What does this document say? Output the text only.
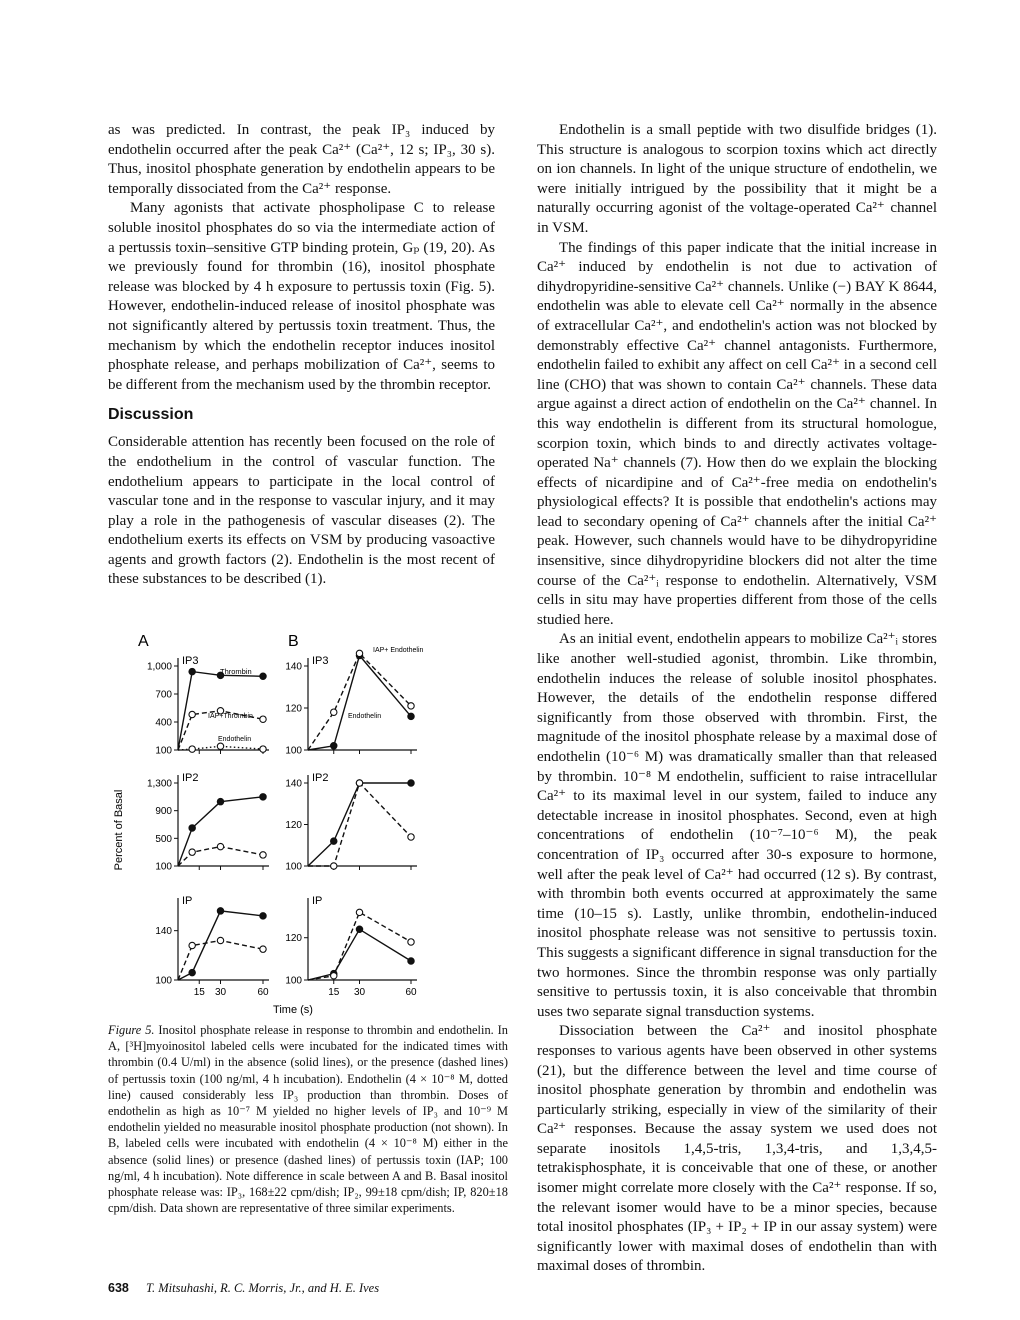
as was predicted. In contrast, the peak IP₃ induced by endothelin occurred after the peak Ca²⁺ (Ca²⁺, 12 s; IP₃, 30 s). Thus, inositol phosphate generation by endothelin appears to be temporally dissociated from the Ca²⁺ response.

Many agonists that activate phospholipase C to release soluble inositol phosphates do so via the intermediate action of a pertussis toxin–sensitive GTP binding protein, Gₚ (19, 20). As we previously found for thrombin (16), inositol phosphate release was blocked by 4 h exposure to pertussis toxin (Fig. 5). However, endothelin-induced release of inositol phosphate was not significantly altered by pertussis toxin treatment. Thus, the mechanism by which the endothelin receptor induces inositol phosphate release, and perhaps mobilization of Ca²⁺, seems to be different from the mechanism used by the thrombin receptor.

Discussion

Considerable attention has recently been focused on the role of the endothelium in the control of vascular function. The endothelium appears to participate in the local control of vascular tone and in the response to vascular injury, and it may play a role in the pathogenesis of vascular diseases (2). The endothelium exerts its effects on VSM by producing vasoactive agents and growth factors (2). Endothelin is the most recent of these substances to be described (1).

100
400
700
1,000 IP3
Thrombin
IAP+Thrombin
Endothelin
100
500
900
1,300 IP2
100
140
15 30	60
IP
100
120
140 IP3
IAP+ Endothelin
Endothelin
100
120
140 IP2
100
120
15 30	60
IP
A	B
Percent of Basal
Time (s)
Figure 5. Inositol phosphate release in response to thrombin and endothelin. In A, [³H]myoinositol labeled cells were incubated for the indicated times with thrombin (0.4 U/ml) in the absence (solid lines), or the presence (dashed lines) of pertussis toxin (100 ng/ml, 4 h incubation). Endothelin (4 × 10⁻⁸ M, dotted line) caused considerably less IP₃ production than thrombin. Doses of endothelin as high as 10⁻⁷ M yielded no higher levels of IP₃ and 10⁻⁹ M endothelin yielded no measurable inositol phosphate production (not shown). In B, labeled cells were incubated with endothelin (4 × 10⁻⁸ M) either in the absence (solid lines) or presence (dashed lines) of pertussis toxin (IAP; 100 ng/ml, 4 h incubation). Note difference in scale between A and B. Basal inositol phosphate release was: IP₃, 168±22 cpm/dish; IP₂, 99±18 cpm/dish; IP, 820±18 cpm/dish. Data shown are representative of three similar experiments.

Endothelin is a small peptide with two disulfide bridges (1). This structure is analogous to scorpion toxins which act directly on ion channels. In light of the unique structure of endothelin, we were initially intrigued by the possibility that it might be a naturally occurring agonist of the voltage-operated Ca²⁺ channel in VSM.

The findings of this paper indicate that the initial increase in Ca²⁺ induced by endothelin is not due to activation of dihydropyridine-sensitive Ca²⁺ channels. Unlike (−) BAY K 8644, endothelin was able to elevate cell Ca²⁺ normally in the absence of extracellular Ca²⁺, and endothelin's action was not blocked by demonstrably effective Ca²⁺ channel antagonists. Furthermore, endothelin failed to exhibit any affect on cell Ca²⁺ in a second cell line (CHO) that was shown to contain Ca²⁺ channels. These data argue against a direct action of endothelin on the Ca²⁺ channel. In this way endothelin is different from its structural homologue, scorpion toxin, which binds to and directly activates voltage-operated Na⁺ channels (7). How then do we explain the blocking effects of nicardipine and of Ca²⁺-free media on endothelin's physiological effects? It is possible that endothelin's actions may lead to secondary opening of Ca²⁺ channels after the initial Ca²⁺ peak. However, such channels would have to be dihydropyridine insensitive, since dihydropyridine blockers did not alter the time course of the Ca²⁺ᵢ response to endothelin. Alternatively, VSM cells in situ may have properties different from those of the cells studied here.

As an initial event, endothelin appears to mobilize Ca²⁺ᵢ stores like another well-studied agonist, thrombin. Like thrombin, endothelin induces the release of soluble inositol phosphates. However, the details of the endothelin response differed significantly from those observed with thrombin. First, the magnitude of the inositol phosphate release by a maximal dose of endothelin (10⁻⁶ M) was dramatically smaller than that released by thrombin. 10⁻⁸ M endothelin, sufficient to raise intracellular Ca²⁺ to its maximal level in our system, failed to induce any detectable increase in inositol phosphates. Second, even at high concentrations of endothelin (10⁻⁷–10⁻⁶ M), the peak concentration of IP₃ occurred after 30-s exposure to hormone, well after the peak level of Ca²⁺ had occurred (12 s). By contrast, with thrombin both events occurred at approximately the same time (10–15 s). Lastly, unlike thrombin, endothelin-induced inositol phosphate release was not sensitive to pertussis toxin. This suggests a significant difference in signal transduction for the two hormones. Since the thrombin response was only partially sensitive to pertussis toxin, it is also conceivable that thrombin uses two separate signal transduction systems.

Dissociation between the Ca²⁺ and inositol phosphate responses to various agents have been observed in other systems (21), but the difference between the level and time course of inositol phosphate generation by thrombin and endothelin was particularly striking, especially in view of the similarity of their Ca²⁺ responses. Because the assay system we used does not separate inositols 1,4,5-tris, 1,3,4-tris, and 1,3,4,5-tetrakisphosphate, it is conceivable that one of these, or another isomer might correlate more closely with the Ca²⁺ response. If so, the relevant isomer would have to be a minor species, because total inositol phosphates (IP₃ + IP₂ + IP in our assay system) were significantly lower with maximal doses of endothelin than with maximal doses of thrombin.

638 T. Mitsuhashi, R. C. Morris, Jr., and H. E. Ives
